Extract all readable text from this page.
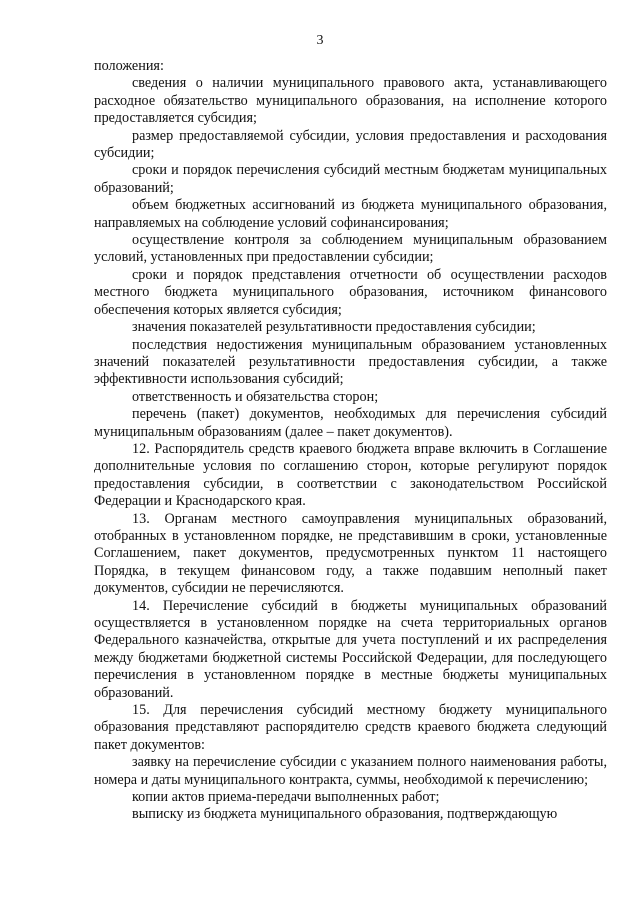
3

положения:

сведения о наличии муниципального правового акта, устанавливающего расходное обязательство муниципального образования, на исполнение которого предоставляется субсидия;

размер предоставляемой субсидии, условия предоставления и расходования субсидии;

сроки и порядок перечисления субсидий местным бюджетам муниципальных образований;

объем бюджетных ассигнований из бюджета муниципального образования, направляемых на соблюдение условий софинансирования;

осуществление контроля за соблюдением муниципальным образованием условий, установленных при предоставлении субсидии;

сроки и порядок представления отчетности об осуществлении расходов местного бюджета муниципального образования, источником финансового обеспечения которых является субсидия;

значения показателей результативности предоставления субсидии;

последствия недостижения муниципальным образованием установленных значений показателей результативности предоставления субсидии, а также эффективности использования субсидий;

ответственность и обязательства сторон;

перечень (пакет) документов, необходимых для перечисления субсидий муниципальным образованиям (далее – пакет документов).

12. Распорядитель средств краевого бюджета вправе включить в Соглашение дополнительные условия по соглашению сторон, которые регулируют порядок предоставления субсидии, в соответствии с законодательством Российской Федерации и Краснодарского края.

13. Органам местного самоуправления муниципальных образований, отобранных в установленном порядке, не представившим в сроки, установленные Соглашением, пакет документов, предусмотренных пунктом 11 настоящего Порядка, в текущем финансовом году, а также подавшим неполный пакет документов, субсидии не перечисляются.

14. Перечисление субсидий в бюджеты муниципальных образований осуществляется в установленном порядке на счета территориальных органов Федерального казначейства, открытые для учета поступлений и их распределения между бюджетами бюджетной системы Российской Федерации, для последующего перечисления в установленном порядке в местные бюджеты муниципальных образований.

15. Для перечисления субсидий местному бюджету муниципального образования представляют распорядителю средств краевого бюджета следующий пакет документов:

заявку на перечисление субсидии с указанием полного наименования работы, номера и даты муниципального контракта, суммы, необходимой к перечислению;

копии актов приема-передачи выполненных работ;

выписку из бюджета муниципального образования, подтверждающую
